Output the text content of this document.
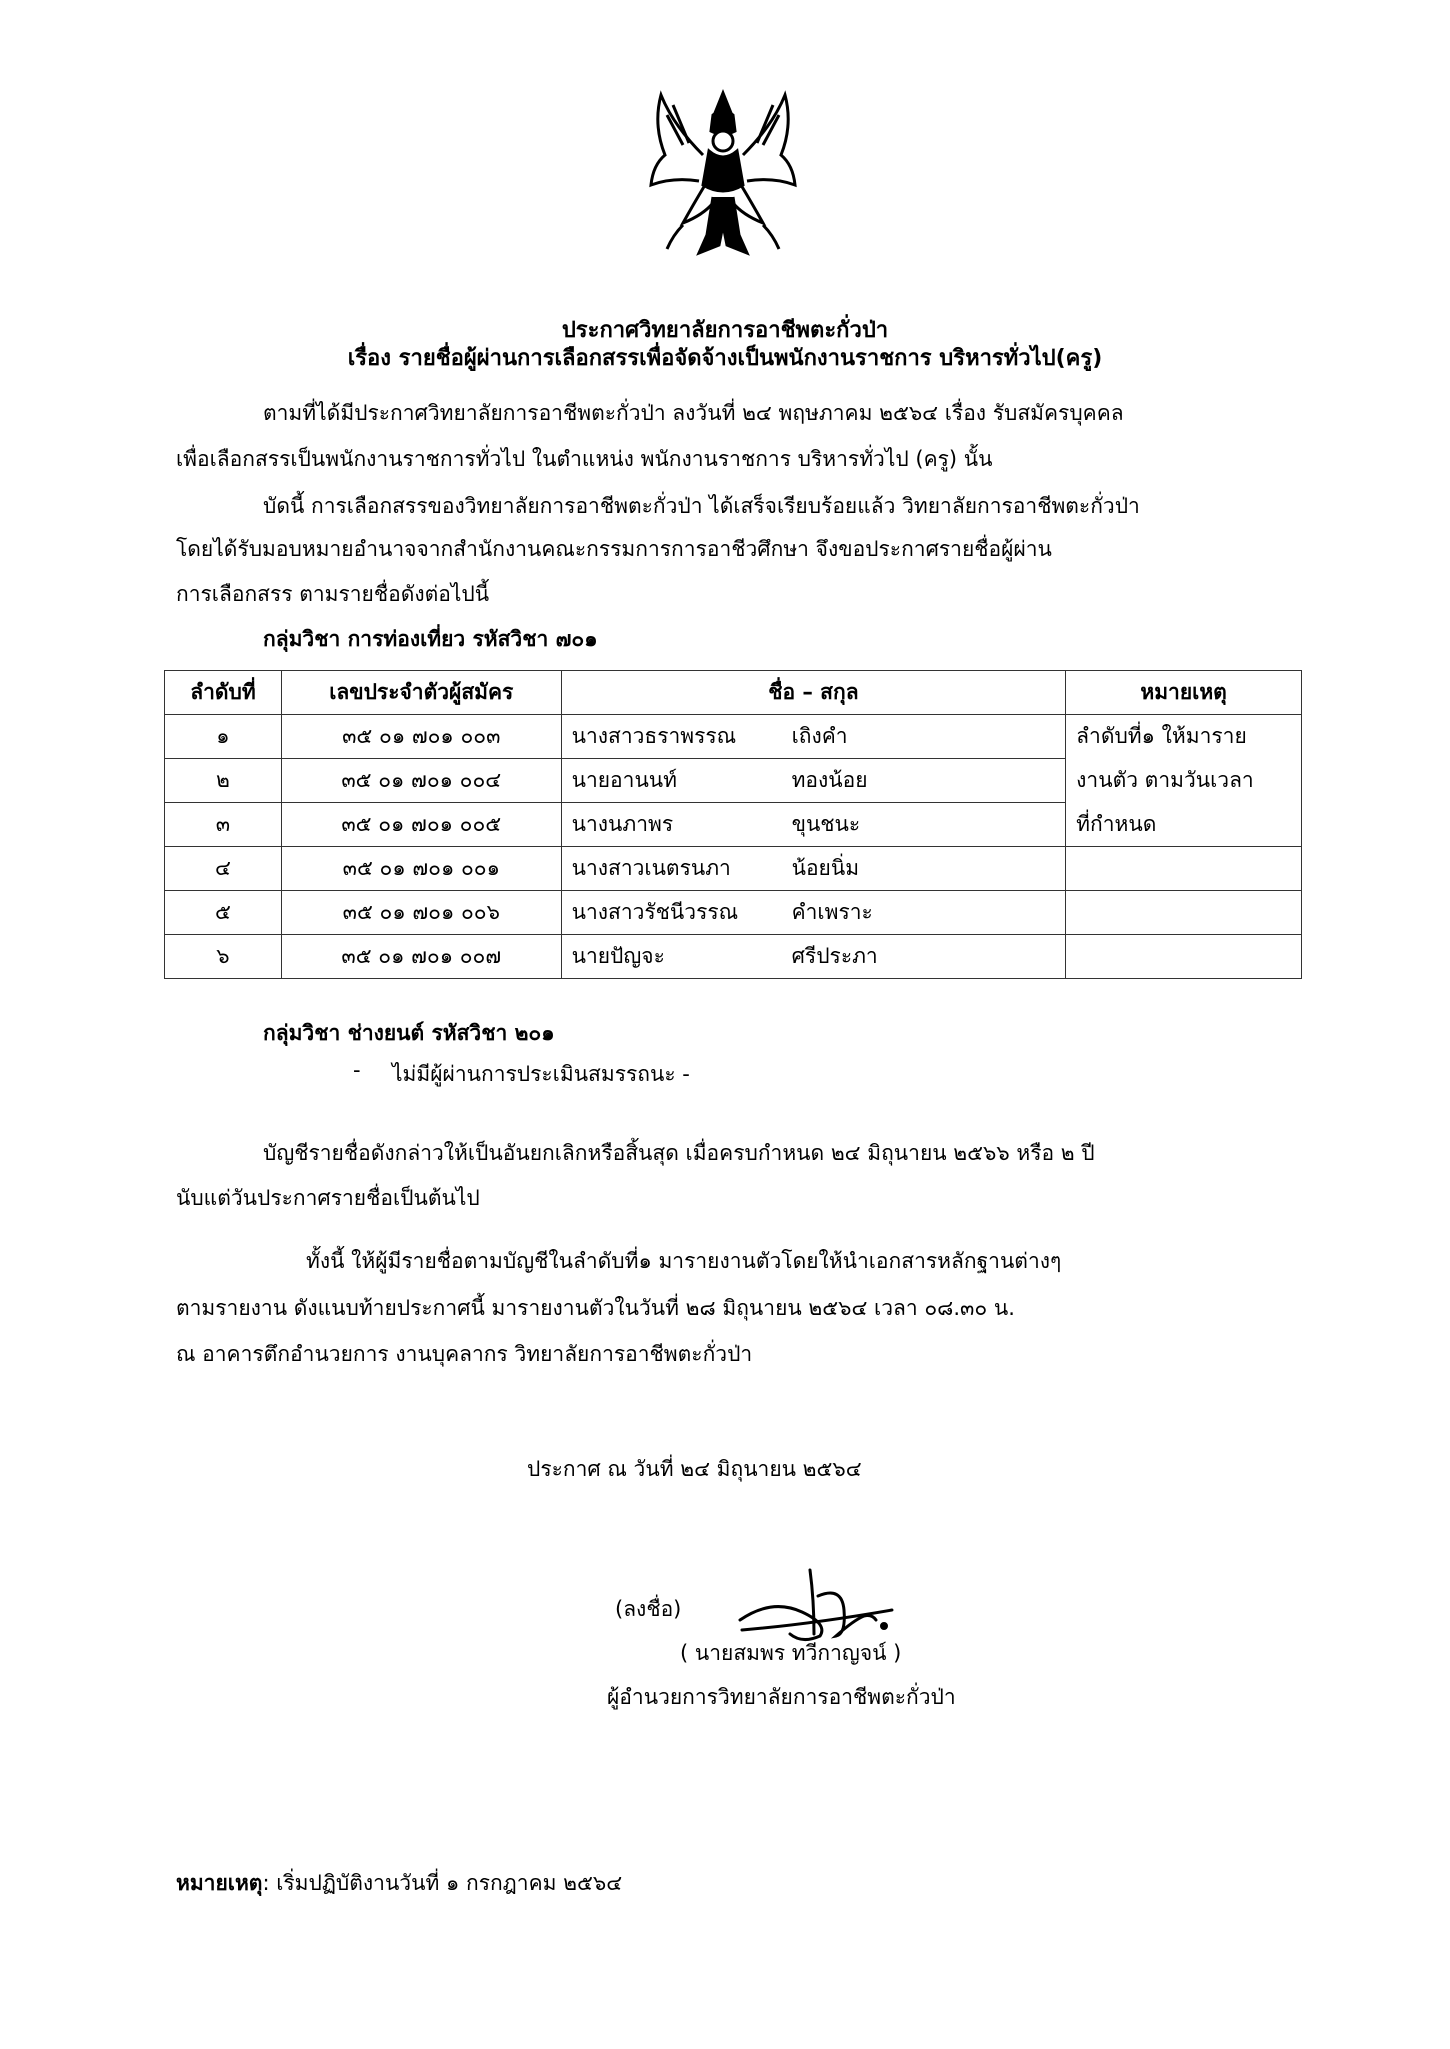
ประกาศวิทยาลัยการอาชีพตะกั่วป่า
เรื่อง รายชื่อผู้ผ่านการเลือกสรรเพื่อจัดจ้างเป็นพนักงานราชการ บริหารทั่วไป(ครู)
ตามที่ได้มีประกาศวิทยาลัยการอาชีพตะกั่วป่า ลงวันที่ ๒๔ พฤษภาคม ๒๕๖๔ เรื่อง รับสมัครบุคคล
เพื่อเลือกสรรเป็นพนักงานราชการทั่วไป ในตำแหน่ง พนักงานราชการ บริหารทั่วไป (ครู) นั้น
บัดนี้ การเลือกสรรของวิทยาลัยการอาชีพตะกั่วป่า ได้เสร็จเรียบร้อยแล้ว วิทยาลัยการอาชีพตะกั่วป่า
โดยได้รับมอบหมายอำนาจจากสำนักงานคณะกรรมการการอาชีวศึกษา จึงขอประกาศรายชื่อผู้ผ่าน
การเลือกสรร ตามรายชื่อดังต่อไปนี้
กลุ่มวิชา การท่องเที่ยว รหัสวิชา ๗๐๑
ลำดับที่	เลขประจำตัวผู้สมัคร	ชื่อ – สกุล	หมายเหตุ
๑	๓๕ ๐๑ ๗๐๑ ๐๐๓	นางสาวธราพรรณ เถิงคำ	ลำดับที่๑ ให้มาราย
๒	๓๕ ๐๑ ๗๐๑ ๐๐๔	นายอานนท์ ทองน้อย	งานตัว ตามวันเวลา
๓	๓๕ ๐๑ ๗๐๑ ๐๐๕	นางนภาพร ขุนชนะ	ที่กำหนด
๔	๓๕ ๐๑ ๗๐๑ ๐๐๑	นางสาวเนตรนภา น้อยนิ่ม	
๕	๓๕ ๐๑ ๗๐๑ ๐๐๖	นางสาวรัชนีวรรณ คำเพราะ	
๖	๓๕ ๐๑ ๗๐๑ ๐๐๗	นายปัญจะ ศรีประภา	
กลุ่มวิชา ช่างยนต์ รหัสวิชา ๒๐๑
- ไม่มีผู้ผ่านการประเมินสมรรถนะ -
บัญชีรายชื่อดังกล่าวให้เป็นอันยกเลิกหรือสิ้นสุด เมื่อครบกำหนด ๒๔ มิถุนายน ๒๕๖๖ หรือ ๒ ปี
นับแต่วันประกาศรายชื่อเป็นต้นไป
ทั้งนี้ ให้ผู้มีรายชื่อตามบัญชีในลำดับที่๑ มารายงานตัวโดยให้นำเอกสารหลักฐานต่างๆ
ตามรายงาน ดังแนบท้ายประกาศนี้ มารายงานตัวในวันที่ ๒๘ มิถุนายน ๒๕๖๔ เวลา ๐๘.๓๐ น.
ณ อาคารตึกอำนวยการ งานบุคลากร วิทยาลัยการอาชีพตะกั่วป่า
ประกาศ ณ วันที่ ๒๔ มิถุนายน ๒๕๖๔
(ลงชื่อ)
( นายสมพร ทวีกาญจน์ )
ผู้อำนวยการวิทยาลัยการอาชีพตะกั่วป่า
หมายเหตุ: เริ่มปฏิบัติงานวันที่ ๑ กรกฎาคม ๒๕๖๔
